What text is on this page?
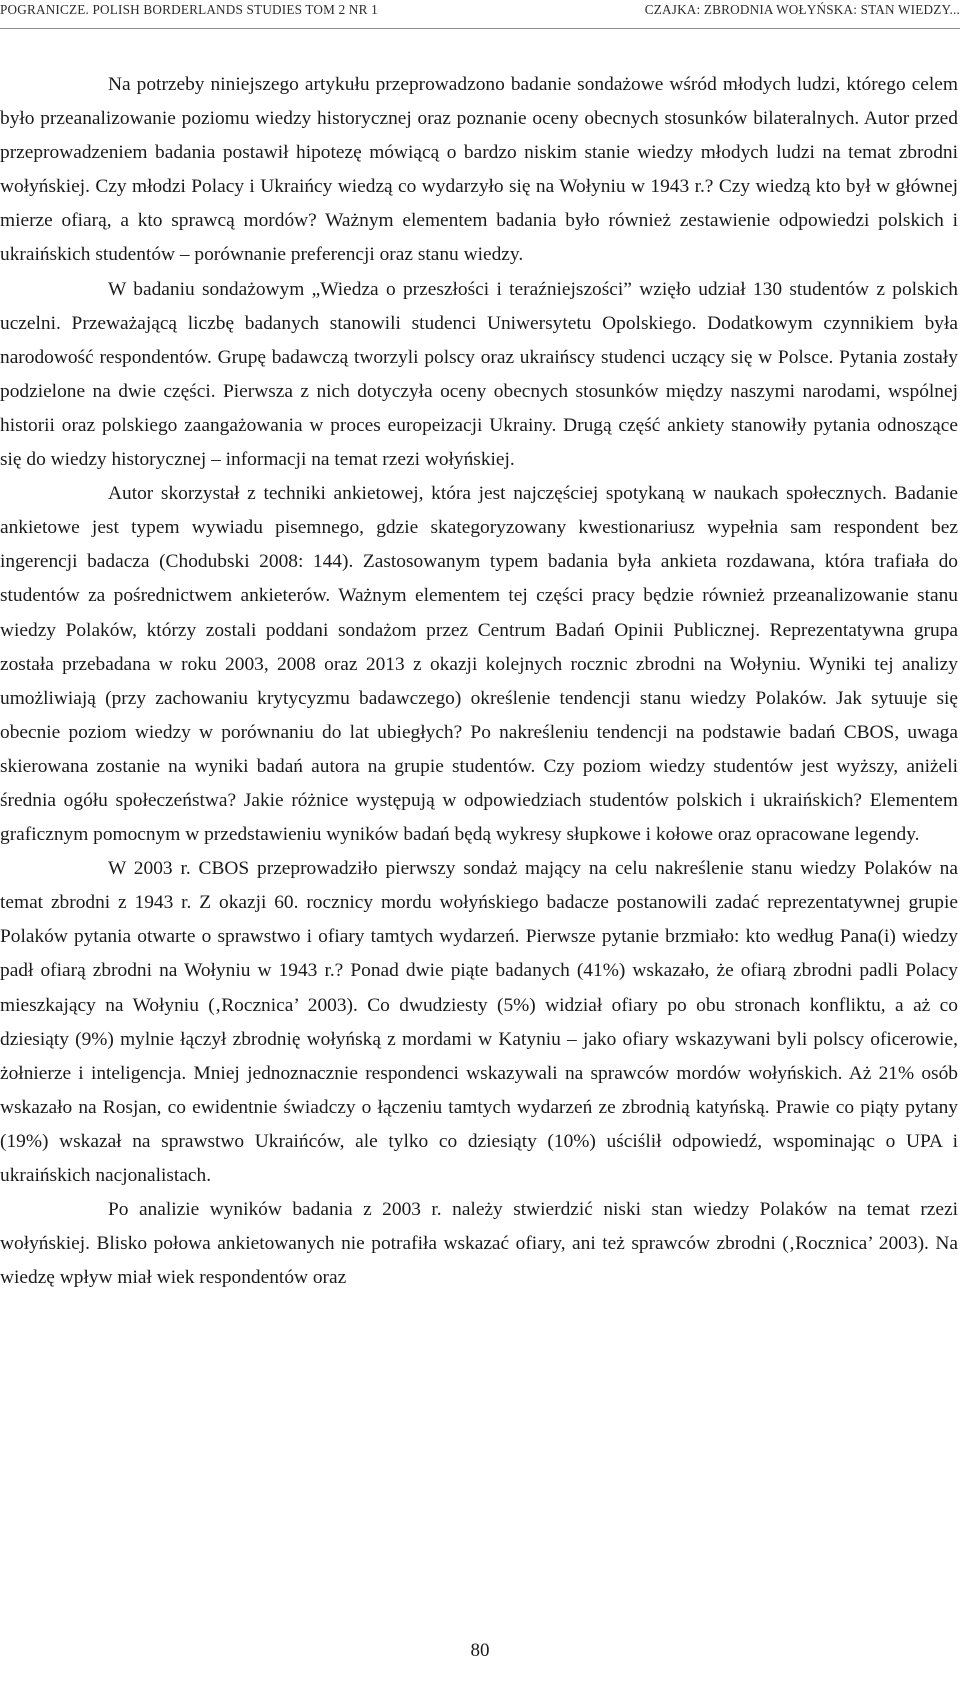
POGRANICZE. POLISH BORDERLANDS STUDIES TOM 2 NR 1	CZAJKA: ZBRODNIA WOŁYŃSKA: STAN WIEDZY...

Na potrzeby niniejszego artykułu przeprowadzono badanie sondażowe wśród młodych ludzi, którego celem było przeanalizowanie poziomu wiedzy historycznej oraz poznanie oceny obecnych stosunków bilateralnych. Autor przed przeprowadzeniem badania postawił hipotezę mówiącą o bardzo niskim stanie wiedzy młodych ludzi na temat zbrodni wołyńskiej. Czy młodzi Polacy i Ukraińcy wiedzą co wydarzyło się na Wołyniu w 1943 r.? Czy wiedzą kto był w głównej mierze ofiarą, a kto sprawcą mordów? Ważnym elementem badania było również zestawienie odpowiedzi polskich i ukraińskich studentów – porównanie preferencji oraz stanu wiedzy.

W badaniu sondażowym „Wiedza o przeszłości i teraźniejszości” wzięło udział 130 studentów z polskich uczelni. Przeważającą liczbę badanych stanowili studenci Uniwersytetu Opolskiego. Dodatkowym czynnikiem była narodowość respondentów. Grupę badawczą tworzyli polscy oraz ukraińscy studenci uczący się w Polsce. Pytania zostały podzielone na dwie części. Pierwsza z nich dotyczyła oceny obecnych stosunków między naszymi narodami, wspólnej historii oraz polskiego zaangażowania w proces europeizacji Ukrainy. Drugą część ankiety stanowiły pytania odnoszące się do wiedzy historycznej – informacji na temat rzezi wołyńskiej.

Autor skorzystał z techniki ankietowej, która jest najczęściej spotykaną w naukach społecznych. Badanie ankietowe jest typem wywiadu pisemnego, gdzie skategoryzowany kwestionariusz wypełnia sam respondent bez ingerencji badacza (Chodubski 2008: 144). Zastosowanym typem badania była ankieta rozdawana, która trafiała do studentów za pośrednictwem ankieterów. Ważnym elementem tej części pracy będzie również przeanalizowanie stanu wiedzy Polaków, którzy zostali poddani sondażom przez Centrum Badań Opinii Publicznej. Reprezentatywna grupa została przebadana w roku 2003, 2008 oraz 2013 z okazji kolejnych rocznic zbrodni na Wołyniu. Wyniki tej analizy umożliwiają (przy zachowaniu krytycyzmu badawczego) określenie tendencji stanu wiedzy Polaków. Jak sytuuje się obecnie poziom wiedzy w porównaniu do lat ubiegłych? Po nakreśleniu tendencji na podstawie badań CBOS, uwaga skierowana zostanie na wyniki badań autora na grupie studentów. Czy poziom wiedzy studentów jest wyższy, aniżeli średnia ogółu społeczeństwa? Jakie różnice występują w odpowiedziach studentów polskich i ukraińskich? Elementem graficznym pomocnym w przedstawieniu wyników badań będą wykresy słupkowe i kołowe oraz opracowane legendy.

W 2003 r. CBOS przeprowadziło pierwszy sondaż mający na celu nakreślenie stanu wiedzy Polaków na temat zbrodni z 1943 r. Z okazji 60. rocznicy mordu wołyńskiego badacze postanowili zadać reprezentatywnej grupie Polaków pytania otwarte o sprawstwo i ofiary tamtych wydarzeń. Pierwsze pytanie brzmiało: kto według Pana(i) wiedzy padł ofiarą zbrodni na Wołyniu w 1943 r.? Ponad dwie piąte badanych (41%) wskazało, że ofiarą zbrodni padli Polacy mieszkający na Wołyniu (‚Rocznica’ 2003). Co dwudziesty (5%) widział ofiary po obu stronach konfliktu, a aż co dziesiąty (9%) mylnie łączył zbrodnię wołyńską z mordami w Katyniu – jako ofiary wskazywani byli polscy oficerowie, żołnierze i inteligencja. Mniej jednoznacznie respondenci wskazywali na sprawców mordów wołyńskich. Aż 21% osób wskazało na Rosjan, co ewidentnie świadczy o łączeniu tamtych wydarzeń ze zbrodnią katyńską. Prawie co piąty pytany (19%) wskazał na sprawstwo Ukraińców, ale tylko co dziesiąty (10%) uściślił odpowiedź, wspominając o UPA i ukraińskich nacjonalistach.

Po analizie wyników badania z 2003 r. należy stwierdzić niski stan wiedzy Polaków na temat rzezi wołyńskiej. Blisko połowa ankietowanych nie potrafiła wskazać ofiary, ani też sprawców zbrodni (‚Rocznica’ 2003). Na wiedzę wpływ miał wiek respondentów oraz

80
